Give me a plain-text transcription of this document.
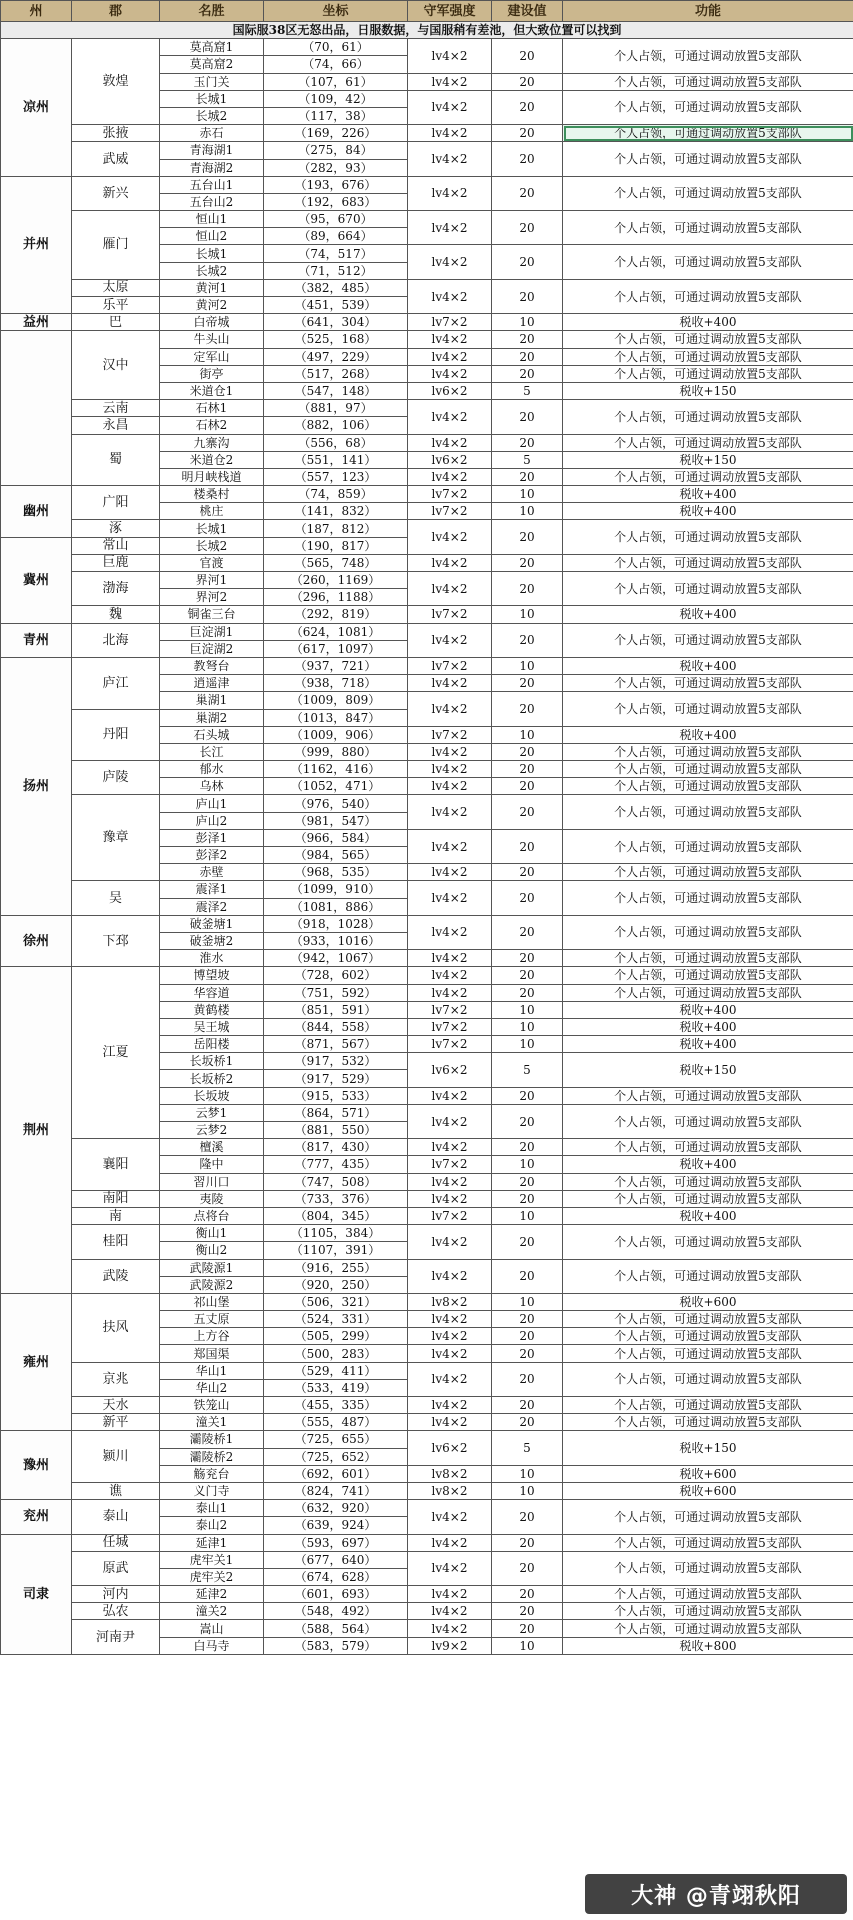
州	郡	名胜	坐标	守军强度	建设值	功能
国际服38区无怒出品，日服数据，与国服稍有差池，但大致位置可以找到						
凉州	敦煌	莫高窟1	（70，61）	lv4×2	20	个人占领，可通过调动放置5支部队
		莫高窟2	（74，66）			
		玉门关	（107，61）	lv4×2	20	个人占领，可通过调动放置5支部队
		长城1	（109，42）	lv4×2	20	个人占领，可通过调动放置5支部队
		长城2	（117，38）			
	张掖	赤石	（169，226）	lv4×2	20	个人占领，可通过调动放置5支部队
	武威	青海湖1	（275，84）	lv4×2	20	个人占领，可通过调动放置5支部队
		青海湖2	（282，93）			
并州	新兴	五台山1	（193，676）	lv4×2	20	个人占领，可通过调动放置5支部队
		五台山2	（192，683）			
	雁门	恒山1	（95，670）	lv4×2	20	个人占领，可通过调动放置5支部队
		恒山2	（89，664）			
		长城1	（74，517）	lv4×2	20	个人占领，可通过调动放置5支部队
		长城2	（71，512）			
	太原	黄河1	（382，485）	lv4×2	20	个人占领，可通过调动放置5支部队
	乐平	黄河2	（451，539）			
益州	巴	白帝城	（641，304）	lv7×2	10	税收+400
	汉中	牛头山	（525，168）	lv4×2	20	个人占领，可通过调动放置5支部队
		定军山	（497，229）	lv4×2	20	个人占领，可通过调动放置5支部队
		街亭	（517，268）	lv4×2	20	个人占领，可通过调动放置5支部队
		米道仓1	（547，148）	lv6×2	5	税收+150
	云南	石林1	（881，97）	lv4×2	20	个人占领，可通过调动放置5支部队
	永昌	石林2	（882，106）			
	蜀	九寨沟	（556，68）	lv4×2	20	个人占领，可通过调动放置5支部队
		米道仓2	（551，141）	lv6×2	5	税收+150
		明月峡栈道	（557，123）	lv4×2	20	个人占领，可通过调动放置5支部队
幽州	广阳	楼桑村	（74，859）	lv7×2	10	税收+400
		桃庄	（141，832）	lv7×2	10	税收+400
	涿	长城1	（187，812）	lv4×2	20	个人占领，可通过调动放置5支部队
冀州	常山	长城2	（190，817）			
	巨鹿	官渡	（565，748）	lv4×2	20	个人占领，可通过调动放置5支部队
	渤海	界河1	（260，1169）	lv4×2	20	个人占领，可通过调动放置5支部队
		界河2	（296，1188）			
	魏	铜雀三台	（292，819）	lv7×2	10	税收+400
青州	北海	巨淀湖1	（624，1081）	lv4×2	20	个人占领，可通过调动放置5支部队
		巨淀湖2	（617，1097）			
扬州	庐江	教弩台	（937，721）	lv7×2	10	税收+400
		逍遥津	（938，718）	lv4×2	20	个人占领，可通过调动放置5支部队
		巢湖1	（1009，809）	lv4×2	20	个人占领，可通过调动放置5支部队
	丹阳	巢湖2	（1013，847）			
		石头城	（1009，906）	lv7×2	10	税收+400
		长江	（999，880）	lv4×2	20	个人占领，可通过调动放置5支部队
	庐陵	郁水	（1162，416）	lv4×2	20	个人占领，可通过调动放置5支部队
		乌林	（1052，471）	lv4×2	20	个人占领，可通过调动放置5支部队
	豫章	庐山1	（976，540）	lv4×2	20	个人占领，可通过调动放置5支部队
		庐山2	（981，547）			
		彭泽1	（966，584）	lv4×2	20	个人占领，可通过调动放置5支部队
		彭泽2	（984，565）			
		赤壁	（968，535）	lv4×2	20	个人占领，可通过调动放置5支部队
	吴	震泽1	（1099，910）	lv4×2	20	个人占领，可通过调动放置5支部队
		震泽2	（1081，886）			
徐州	下邳	破釜塘1	（918，1028）	lv4×2	20	个人占领，可通过调动放置5支部队
		破釜塘2	（933，1016）			
		淮水	（942，1067）	lv4×2	20	个人占领，可通过调动放置5支部队
荆州	江夏	博望坡	（728，602）	lv4×2	20	个人占领，可通过调动放置5支部队
		华容道	（751，592）	lv4×2	20	个人占领，可通过调动放置5支部队
		黄鹤楼	（851，591）	lv7×2	10	税收+400
		吴王城	（844，558）	lv7×2	10	税收+400
		岳阳楼	（871，567）	lv7×2	10	税收+400
		长坂桥1	（917，532）	lv6×2	5	税收+150
		长坂桥2	（917，529）			
		长坂坡	（915，533）	lv4×2	20	个人占领，可通过调动放置5支部队
		云梦1	（864，571）	lv4×2	20	个人占领，可通过调动放置5支部队
		云梦2	（881，550）			
	襄阳	檀溪	（817，430）	lv4×2	20	个人占领，可通过调动放置5支部队
		隆中	（777，435）	lv7×2	10	税收+400
		習川口	（747，508）	lv4×2	20	个人占领，可通过调动放置5支部队
	南阳	夷陵	（733，376）	lv4×2	20	个人占领，可通过调动放置5支部队
	南	点将台	（804，345）	lv7×2	10	税收+400
	桂阳	衡山1	（1105，384）	lv4×2	20	个人占领，可通过调动放置5支部队
		衡山2	（1107，391）			
	武陵	武陵源1	（916，255）	lv4×2	20	个人占领，可通过调动放置5支部队
		武陵源2	（920，250）			
雍州	扶风	祁山堡	（506，321）	lv8×2	10	税收+600
		五丈原	（524，331）	lv4×2	20	个人占领，可通过调动放置5支部队
		上方谷	（505，299）	lv4×2	20	个人占领，可通过调动放置5支部队
		郑国渠	（500，283）	lv4×2	20	个人占领，可通过调动放置5支部队
	京兆	华山1	（529，411）	lv4×2	20	个人占领，可通过调动放置5支部队
		华山2	（533，419）			
	天水	铁笼山	（455，335）	lv4×2	20	个人占领，可通过调动放置5支部队
	新平	潼关1	（555，487）	lv4×2	20	个人占领，可通过调动放置5支部队
豫州	颍川	灞陵桥1	（725，655）	lv6×2	5	税收+150
		灞陵桥2	（725，652）			
		觞兖台	（692，601）	lv8×2	10	税收+600
	谯	义门寺	（824，741）	lv8×2	10	税收+600
兖州	泰山	泰山1	（632，920）	lv4×2	20	个人占领，可通过调动放置5支部队
		泰山2	（639，924）			
司隶	任城	延津1	（593，697）	lv4×2	20	个人占领，可通过调动放置5支部队
	原武	虎牢关1	（677，640）	lv4×2	20	个人占领，可通过调动放置5支部队
		虎牢关2	（674，628）			
	河内	延津2	（601，693）	lv4×2	20	个人占领，可通过调动放置5支部队
	弘农	潼关2	（548，492）	lv4×2	20	个人占领，可通过调动放置5支部队
	河南尹	嵩山	（588，564）	lv4×2	20	个人占领，可通过调动放置5支部队
		白马寺	（583，579）	lv9×2	10	税收+800
大神 @青翊秋阳
